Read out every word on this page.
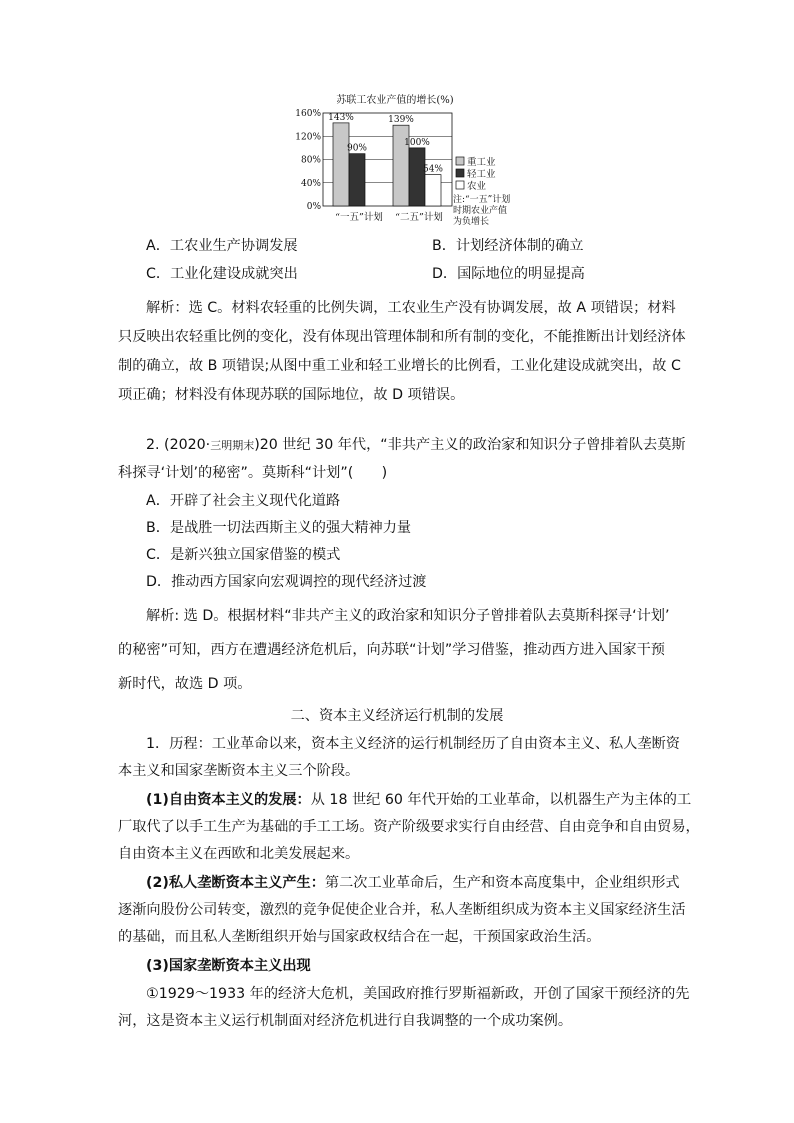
苏联工农业产值的增长(%)
0%
40%
80%
120%
160% 143%
90%
“一五”计划
139%
100%
54%
“二五”计划
重工业
轻工业
农业
注:“一五”计划
时期农业产值
为负增长
A．工农业生产协调发展	B．计划经济体制的确立
C．工业化建设成就突出	D．国际地位的明显提高
解析：选 C。材料农轻重的比例失调，工农业生产没有协调发展，故 A 项错误；材料
只反映出农轻重比例的变化，没有体现出管理体制和所有制的变化，不能推断出计划经济体
制的确立，故 B 项错误;从图中重工业和轻工业增长的比例看，工业化建设成就突出，故 C
项正确；材料没有体现苏联的国际地位，故 D 项错误。
2. (2020·三明期末)20 世纪 30 年代，“非共产主义的政治家和知识分子曾排着队去莫斯
科探寻‘计划’的秘密”。莫斯科“计划”(　　)
A．开辟了社会主义现代化道路
B．是战胜一切法西斯主义的强大精神力量
C．是新兴独立国家借鉴的模式
D．推动西方国家向宏观调控的现代经济过渡
解析: 选 D。根据材料“非共产主义的政治家和知识分子曾排着队去莫斯科探寻‘计划’
的秘密”可知，西方在遭遇经济危机后，向苏联“计划”学习借鉴，推动西方进入国家干预
新时代，故选 D 项。
二、资本主义经济运行机制的发展
1．历程：工业革命以来，资本主义经济的运行机制经历了自由资本主义、私人垄断资
本主义和国家垄断资本主义三个阶段。
(1)自由资本主义的发展：从 18 世纪 60 年代开始的工业革命，以机器生产为主体的工
厂取代了以手工生产为基础的手工工场。资产阶级要求实行自由经营、自由竞争和自由贸易，
自由资本主义在西欧和北美发展起来。
(2)私人垄断资本主义产生：第二次工业革命后，生产和资本高度集中，企业组织形式
逐渐向股份公司转变，激烈的竞争促使企业合并，私人垄断组织成为资本主义国家经济生活
的基础，而且私人垄断组织开始与国家政权结合在一起，干预国家政治生活。
(3)国家垄断资本主义出现
①1929～1933 年的经济大危机，美国政府推行罗斯福新政，开创了国家干预经济的先
河，这是资本主义运行机制面对经济危机进行自我调整的一个成功案例。
